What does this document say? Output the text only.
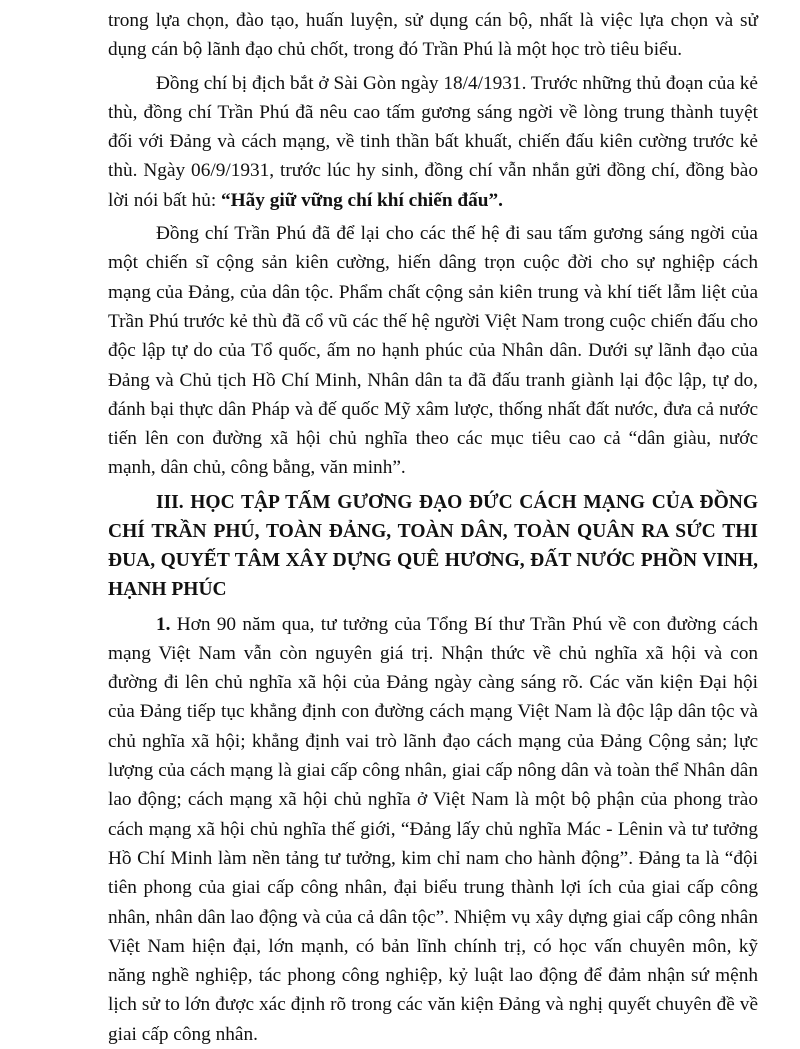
trong lựa chọn, đào tạo, huấn luyện, sử dụng cán bộ, nhất là việc lựa chọn và sử dụng cán bộ lãnh đạo chủ chốt, trong đó Trần Phú là một học trò tiêu biểu.

Đồng chí bị địch bắt ở Sài Gòn ngày 18/4/1931. Trước những thủ đoạn của kẻ thù, đồng chí Trần Phú đã nêu cao tấm gương sáng ngời về lòng trung thành tuyệt đối với Đảng và cách mạng, về tinh thần bất khuất, chiến đấu kiên cường trước kẻ thù. Ngày 06/9/1931, trước lúc hy sinh, đồng chí vẫn nhắn gửi đồng chí, đồng bào lời nói bất hủ: “Hãy giữ vững chí khí chiến đấu”.

Đồng chí Trần Phú đã để lại cho các thế hệ đi sau tấm gương sáng ngời của một chiến sĩ cộng sản kiên cường, hiến dâng trọn cuộc đời cho sự nghiệp cách mạng của Đảng, của dân tộc. Phẩm chất cộng sản kiên trung và khí tiết lẫm liệt của Trần Phú trước kẻ thù đã cổ vũ các thế hệ người Việt Nam trong cuộc chiến đấu cho độc lập tự do của Tổ quốc, ấm no hạnh phúc của Nhân dân. Dưới sự lãnh đạo của Đảng và Chủ tịch Hồ Chí Minh, Nhân dân ta đã đấu tranh giành lại độc lập, tự do, đánh bại thực dân Pháp và đế quốc Mỹ xâm lược, thống nhất đất nước, đưa cả nước tiến lên con đường xã hội chủ nghĩa theo các mục tiêu cao cả “dân giàu, nước mạnh, dân chủ, công bằng, văn minh”.

III. HỌC TẬP TẤM GƯƠNG ĐẠO ĐỨC CÁCH MẠNG CỦA ĐỒNG CHÍ TRẦN PHÚ, TOÀN ĐẢNG, TOÀN DÂN, TOÀN QUÂN RA SỨC THI ĐUA, QUYẾT TÂM XÂY DỰNG QUÊ HƯƠNG, ĐẤT NƯỚC PHỒN VINH, HẠNH PHÚC

1. Hơn 90 năm qua, tư tưởng của Tổng Bí thư Trần Phú về con đường cách mạng Việt Nam vẫn còn nguyên giá trị. Nhận thức về chủ nghĩa xã hội và con đường đi lên chủ nghĩa xã hội của Đảng ngày càng sáng rõ. Các văn kiện Đại hội của Đảng tiếp tục khẳng định con đường cách mạng Việt Nam là độc lập dân tộc và chủ nghĩa xã hội; khẳng định vai trò lãnh đạo cách mạng của Đảng Cộng sản; lực lượng của cách mạng là giai cấp công nhân, giai cấp nông dân và toàn thể Nhân dân lao động; cách mạng xã hội chủ nghĩa ở Việt Nam là một bộ phận của phong trào cách mạng xã hội chủ nghĩa thế giới, “Đảng lấy chủ nghĩa Mác - Lênin và tư tưởng Hồ Chí Minh làm nền tảng tư tưởng, kim chỉ nam cho hành động”. Đảng ta là “đội tiên phong của giai cấp công nhân, đại biểu trung thành lợi ích của giai cấp công nhân, nhân dân lao động và của cả dân tộc”. Nhiệm vụ xây dựng giai cấp công nhân Việt Nam hiện đại, lớn mạnh, có bản lĩnh chính trị, có học vấn chuyên môn, kỹ năng nghề nghiệp, tác phong công nghiệp, kỷ luật lao động để đảm nhận sứ mệnh lịch sử to lớn được xác định rõ trong các văn kiện Đảng và nghị quyết chuyên đề về giai cấp công nhân.
